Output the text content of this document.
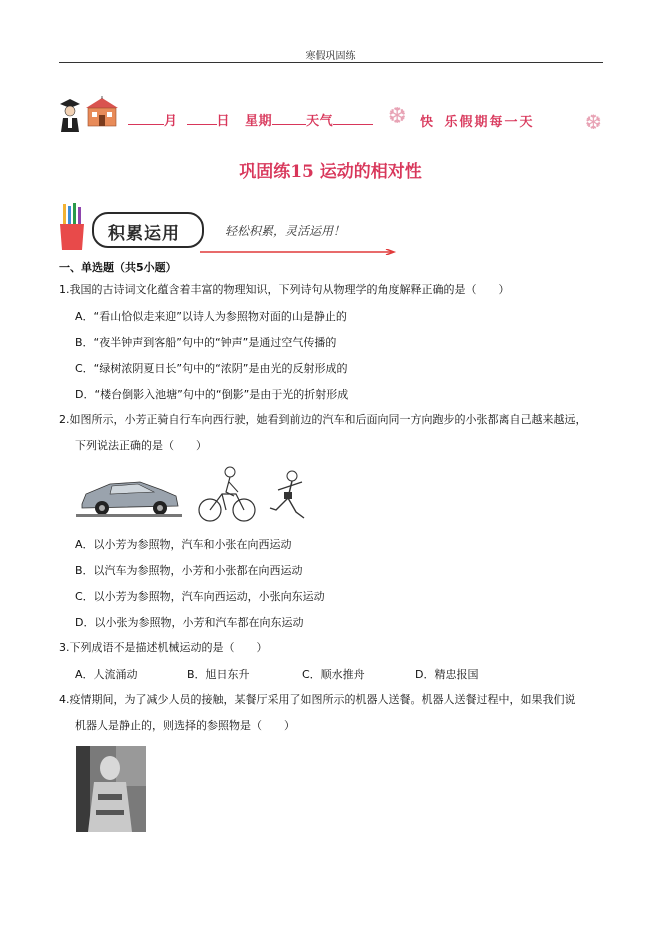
寒假巩固练
月	日 星期	天气	❆ 快 乐假期每一天	❆
巩固练15 运动的相对性
积累运用	轻松积累，灵活运用！
一、单选题（共5小题）
1.我国的古诗词文化蕴含着丰富的物理知识，下列诗句从物理学的角度解释正确的是（　　）
A．“看山恰似走来迎”以诗人为参照物对面的山是静止的
B．“夜半钟声到客船”句中的“钟声”是通过空气传播的
C．“绿树浓阴夏日长”句中的“浓阴”是由光的反射形成的
D．“楼台倒影入池塘”句中的“倒影”是由于光的折射形成
2.如图所示，小芳正骑自行车向西行驶，她看到前边的汽车和后面向同一方向跑步的小张都离自己越来越远，
下列说法正确的是（　　）
A．以小芳为参照物，汽车和小张在向西运动
B．以汽车为参照物，小芳和小张都在向西运动
C．以小芳为参照物，汽车向西运动，小张向东运动
D．以小张为参照物，小芳和汽车都在向东运动
3.下列成语不是描述机械运动的是（　　）
A．人流涌动	B．旭日东升	C．顺水推舟	D．精忠报国
4.疫情期间，为了减少人员的接触，某餐厅采用了如图所示的机器人送餐。机器人送餐过程中，如果我们说
机器人是静止的，则选择的参照物是（　　）
